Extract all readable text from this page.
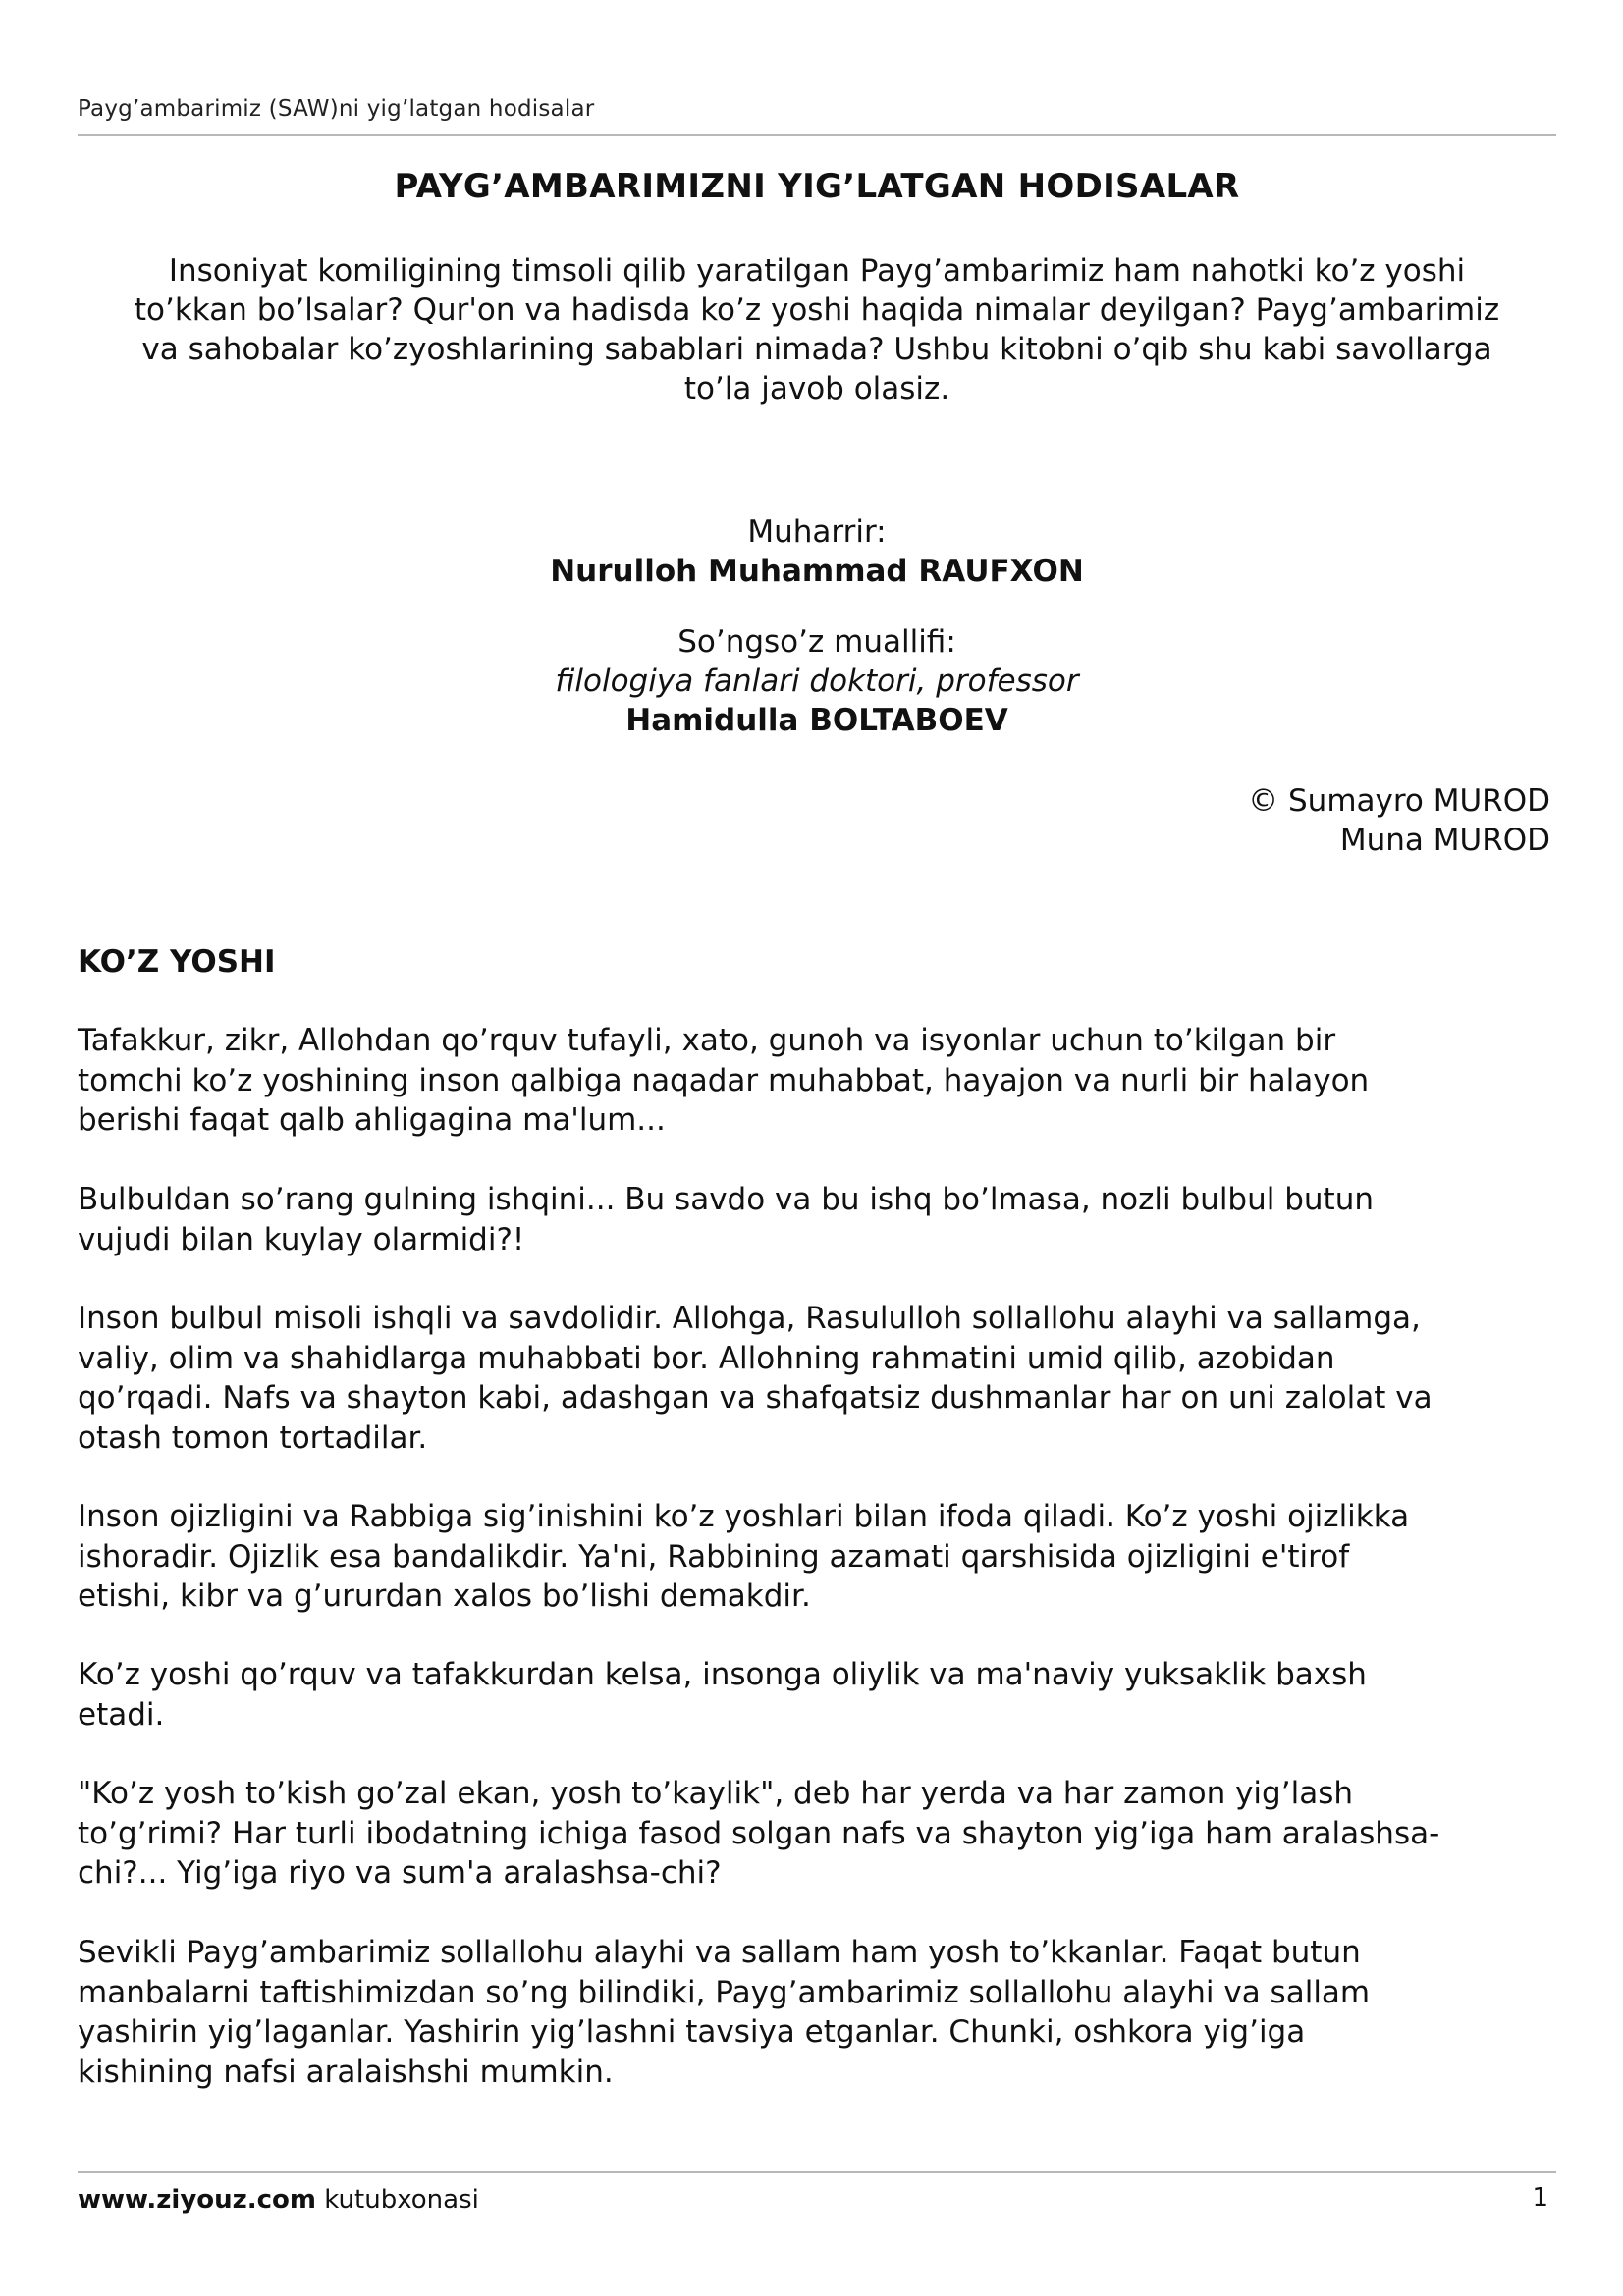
Payg’ambarimiz (SAW)ni yig’latgan hodisalar
PAYG’AMBARIMIZNI YIG’LATGAN HODISALAR
Insoniyat komiligining timsoli qilib yaratilgan Payg’ambarimiz ham nahotki ko’z yoshi
to’kkan bo’lsalar? Qur'on va hadisda ko’z yoshi haqida nimalar deyilgan? Payg’ambarimiz
va sahobalar ko’zyoshlarining sabablari nimada? Ushbu kitobni o’qib shu kabi savollarga
to’la javob olasiz.
Muharrir:
Nurulloh Muhammad RAUFXON
So’ngso’z muallifi:
filologiya fanlari doktori, professor
Hamidulla BOLTABOEV
© Sumayro MUROD
Muna MUROD
KO’Z YOSHI
Tafakkur, zikr, Allohdan qo’rquv tufayli, xato, gunoh va isyonlar uchun to’kilgan bir
tomchi ko’z yoshining inson qalbiga naqadar muhabbat, hayajon va nurli bir halayon
berishi faqat qalb ahligagina ma'lum...
Bulbuldan so’rang gulning ishqini... Bu savdo va bu ishq bo’lmasa, nozli bulbul butun
vujudi bilan kuylay olarmidi?!
Inson bulbul misoli ishqli va savdolidir. Allohga, Rasululloh sollallohu alayhi va sallamga,
valiy, olim va shahidlarga muhabbati bor. Allohning rahmatini umid qilib, azobidan
qo’rqadi. Nafs va shayton kabi, adashgan va shafqatsiz dushmanlar har on uni zalolat va
otash tomon tortadilar.
Inson ojizligini va Rabbiga sig’inishini ko’z yoshlari bilan ifoda qiladi. Ko’z yoshi ojizlikka
ishoradir. Ojizlik esa bandalikdir. Ya'ni, Rabbining azamati qarshisida ojizligini e'tirof
etishi, kibr va g’ururdan xalos bo’lishi demakdir.
Ko’z yoshi qo’rquv va tafakkurdan kelsa, insonga oliylik va ma'naviy yuksaklik baxsh
etadi.
"Ko’z yosh to’kish go’zal ekan, yosh to’kaylik", deb har yerda va har zamon yig’lash
to’g’rimi? Har turli ibodatning ichiga fasod solgan nafs va shayton yig’iga ham aralashsa-
chi?... Yig’iga riyo va sum'a aralashsa-chi?
Sevikli Payg’ambarimiz sollallohu alayhi va sallam ham yosh to’kkanlar. Faqat butun
manbalarni taftishimizdan so’ng bilindiki, Payg’ambarimiz sollallohu alayhi va sallam
yashirin yig’laganlar. Yashirin yig’lashni tavsiya etganlar. Chunki, oshkora yig’iga
kishining nafsi aralaishshi mumkin.
www.ziyouz.com kutubxonasi	1
